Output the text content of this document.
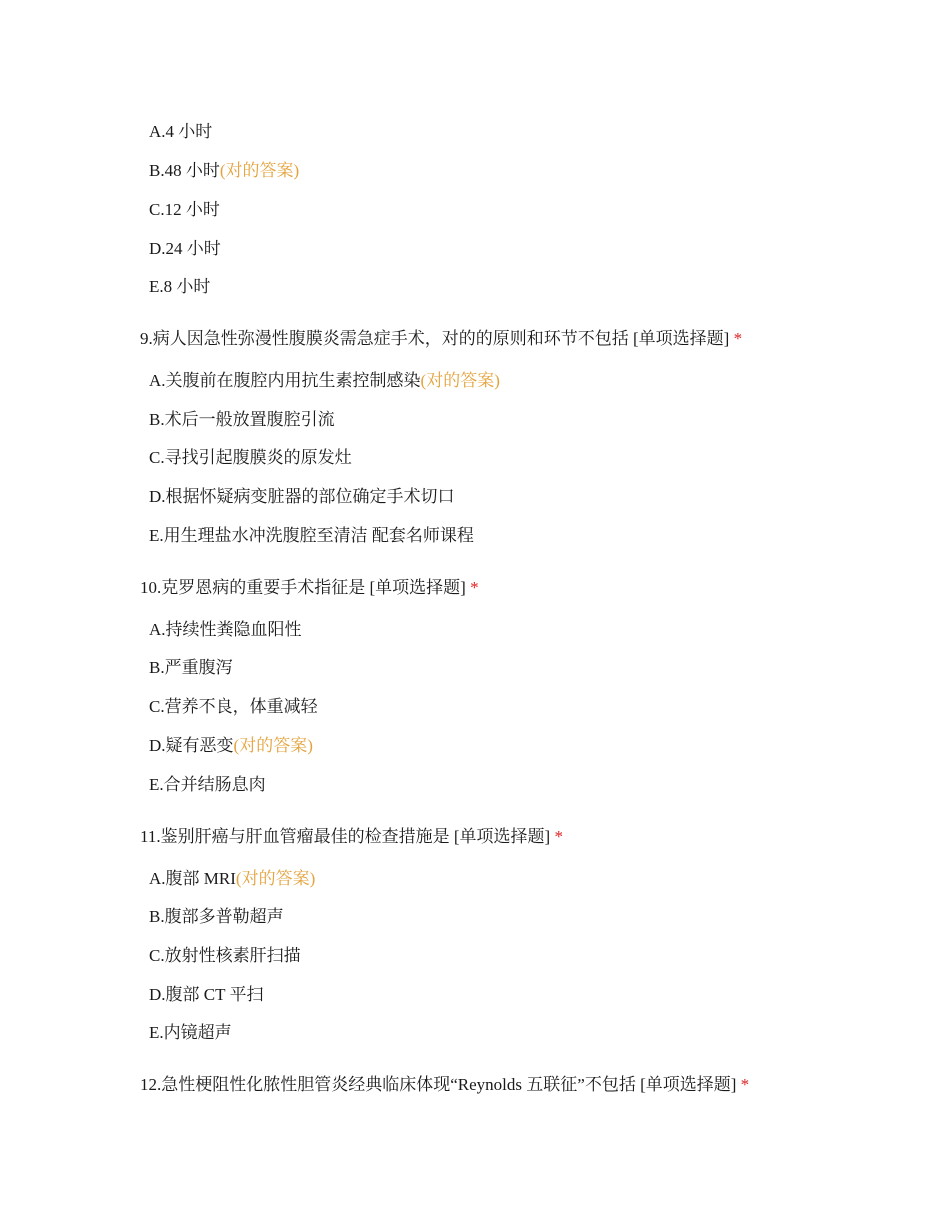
A.4 小时
B.48 小时(对的答案)
C.12 小时
D.24 小时
E.8 小时
9.病人因急性弥漫性腹膜炎需急症手术，对的的原则和环节不包括 [单项选择题] *
A.关腹前在腹腔内用抗生素控制感染(对的答案)
B.术后一般放置腹腔引流
C.寻找引起腹膜炎的原发灶
D.根据怀疑病变脏器的部位确定手术切口
E.用生理盐水冲洗腹腔至清洁 配套名师课程
10.克罗恩病的重要手术指征是 [单项选择题] *
A.持续性粪隐血阳性
B.严重腹泻
C.营养不良，体重减轻
D.疑有恶变(对的答案)
E.合并结肠息肉
11.鉴别肝癌与肝血管瘤最佳的检查措施是 [单项选择题] *
A.腹部 MRI(对的答案)
B.腹部多普勒超声
C.放射性核素肝扫描
D.腹部 CT 平扫
E.内镜超声
12.急性梗阻性化脓性胆管炎经典临床体现“Reynolds 五联征”不包括 [单项选择题] *
